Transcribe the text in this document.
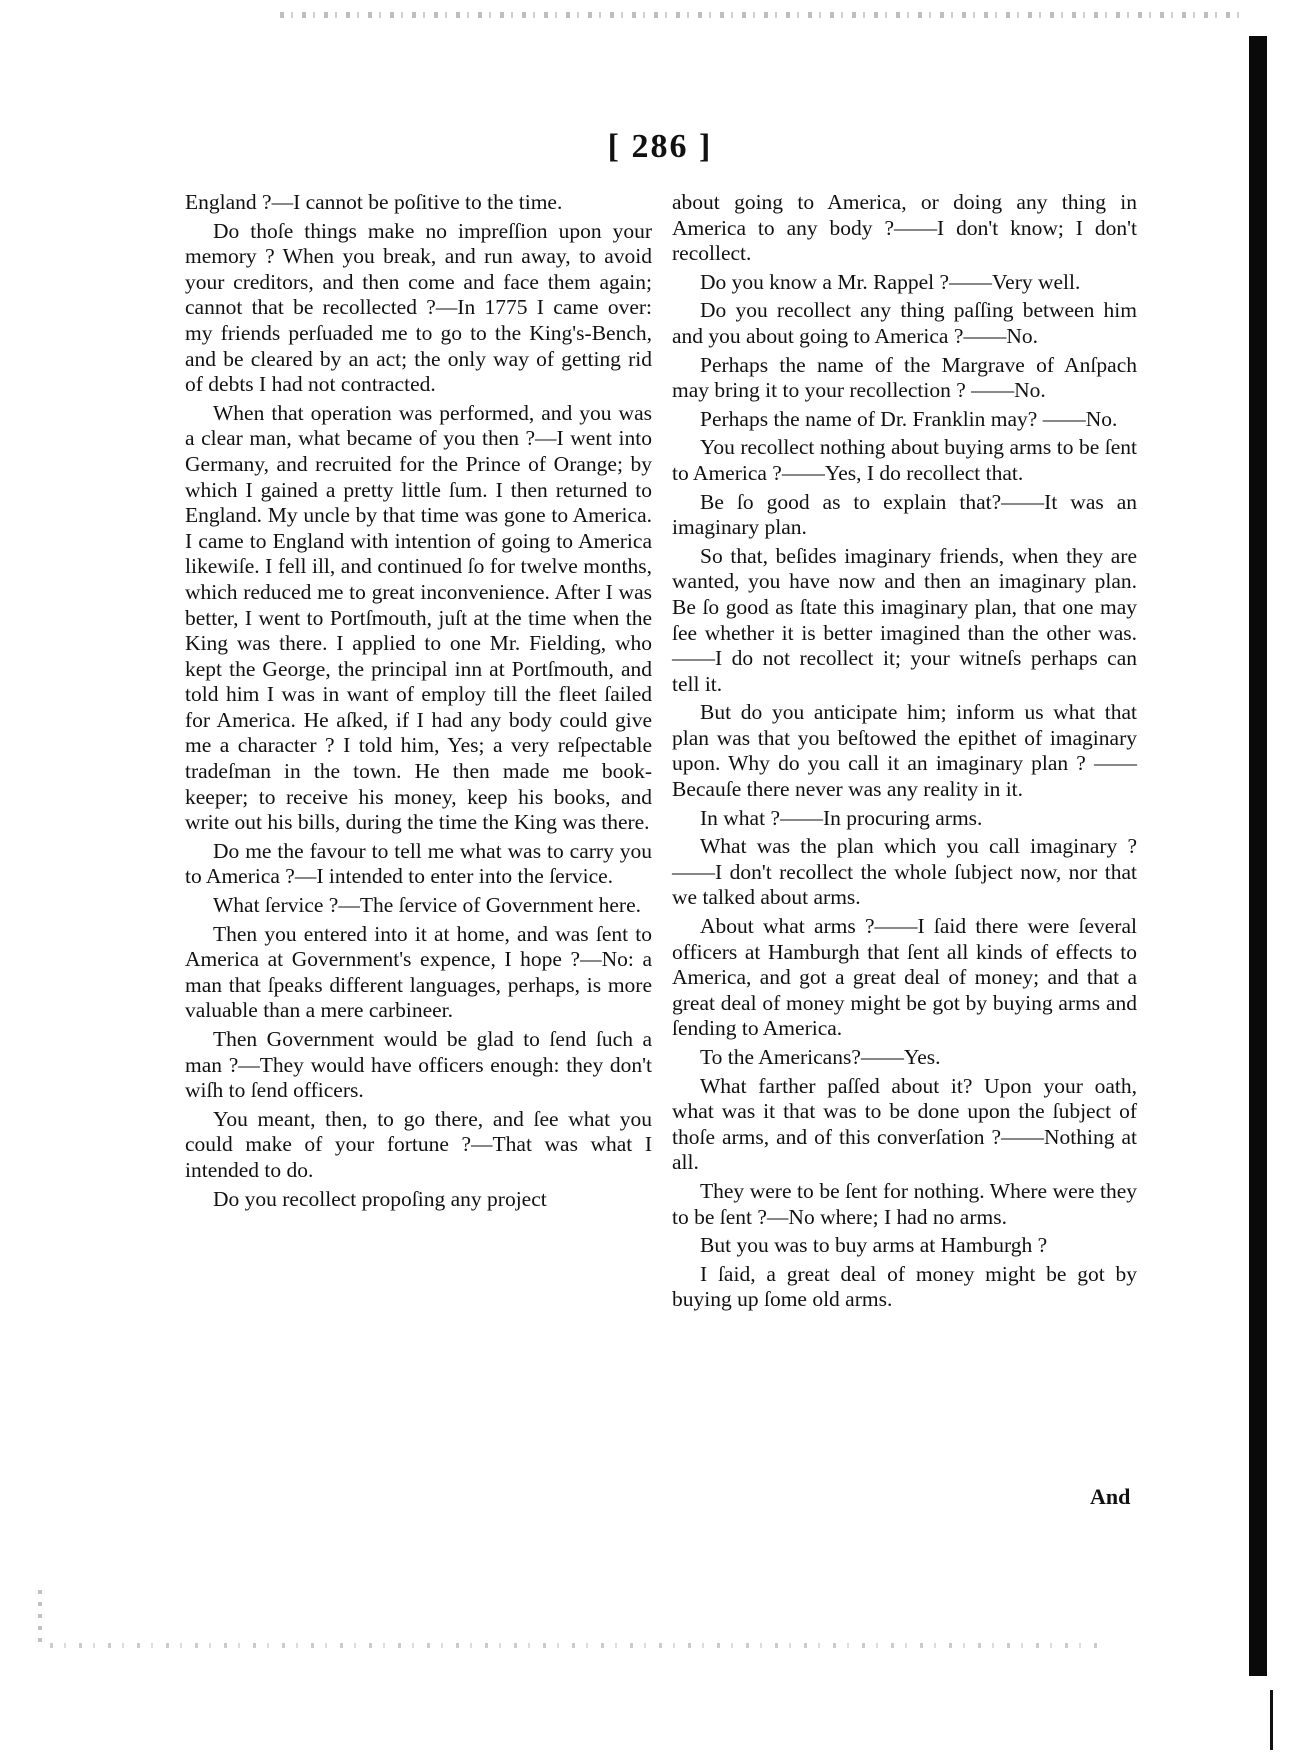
[ 286 ]

England ?—I cannot be poſitive to the time.

Do thoſe things make no impreſſion upon your memory ? When you break, and run away, to avoid your creditors, and then come and face them again; cannot that be recollected ?—In 1775 I came over: my friends perſuaded me to go to the King's-Bench, and be cleared by an act; the only way of getting rid of debts I had not contracted.

When that operation was performed, and you was a clear man, what became of you then ?—I went into Germany, and recruited for the Prince of Orange; by which I gained a pretty little ſum. I then returned to England. My uncle by that time was gone to America. I came to England with intention of going to America likewiſe. I fell ill, and continued ſo for twelve months, which reduced me to great inconvenience. After I was better, I went to Portſmouth, juſt at the time when the King was there. I applied to one Mr. Fielding, who kept the George, the principal inn at Portſmouth, and told him I was in want of employ till the fleet ſailed for America. He aſked, if I had any body could give me a character ? I told him, Yes; a very reſpectable tradeſman in the town. He then made me book-keeper; to receive his money, keep his books, and write out his bills, during the time the King was there.

Do me the favour to tell me what was to carry you to America ?—I intended to enter into the ſervice.

What ſervice ?—The ſervice of Government here.

Then you entered into it at home, and was ſent to America at Government's expence, I hope ?—No: a man that ſpeaks different languages, perhaps, is more valuable than a mere carbineer.

Then Government would be glad to ſend ſuch a man ?—They would have officers enough: they don't wiſh to ſend officers.

You meant, then, to go there, and ſee what you could make of your fortune ?—That was what I intended to do.

Do you recollect propoſing any project

about going to America, or doing any thing in America to any body ?——I don't know; I don't recollect.

Do you know a Mr. Rappel ?——Very well.

Do you recollect any thing paſſing between him and you about going to America ?——No.

Perhaps the name of the Margrave of Anſpach may bring it to your recollection ? ——No.

Perhaps the name of Dr. Franklin may? ——No.

You recollect nothing about buying arms to be ſent to America ?——Yes, I do recollect that.

Be ſo good as to explain that?——It was an imaginary plan.

So that, beſides imaginary friends, when they are wanted, you have now and then an imaginary plan. Be ſo good as ſtate this imaginary plan, that one may ſee whether it is better imagined than the other was. ——I do not recollect it; your witneſs perhaps can tell it.

But do you anticipate him; inform us what that plan was that you beſtowed the epithet of imaginary upon. Why do you call it an imaginary plan ? ——Becauſe there never was any reality in it.

In what ?——In procuring arms.

What was the plan which you call imaginary ?——I don't recollect the whole ſubject now, nor that we talked about arms.

About what arms ?——I ſaid there were ſeveral officers at Hamburgh that ſent all kinds of effects to America, and got a great deal of money; and that a great deal of money might be got by buying arms and ſending to America.

To the Americans?——Yes.

What farther paſſed about it? Upon your oath, what was it that was to be done upon the ſubject of thoſe arms, and of this converſation ?——Nothing at all.

They were to be ſent for nothing. Where were they to be ſent ?—No where; I had no arms.

But you was to buy arms at Hamburgh ?

I ſaid, a great deal of money might be got by buying up ſome old arms.

And
